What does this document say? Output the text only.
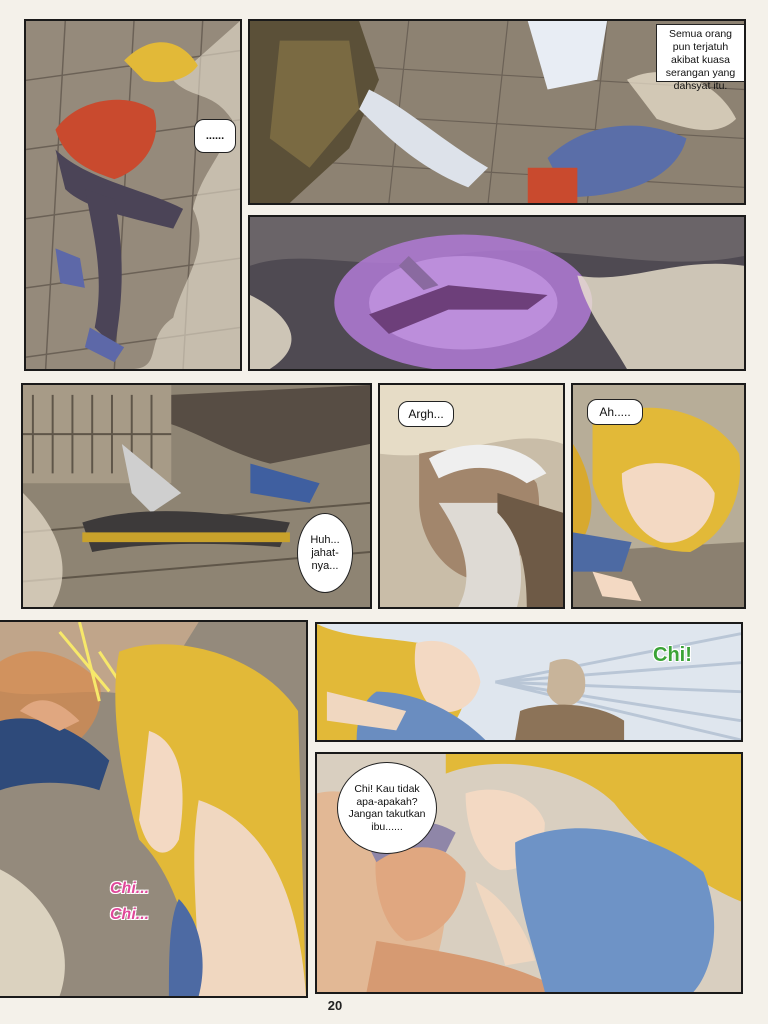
......
Semua orang pun terjatuh akibat kuasa serangan yang dahsyat itu.
Huh... jahat-nya...
Argh...	Ah.....
Chi...
Chi...
Chi!
Chi! Kau tidak apa-apakah? Jangan takutkan ibu......
20
